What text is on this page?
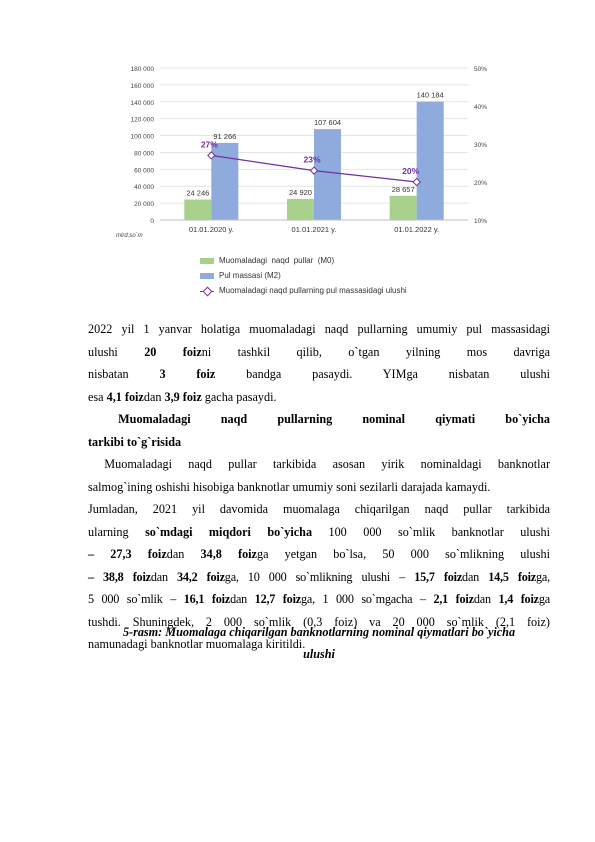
0
20 000
40 000
60 000
80 000
100 000
120 000
140 000
160 000
180 000
10%
20%
30%
40%
50%
mlrd.so`m
24 246
91 266
01.01.2020 y.
24 920
107 604
01.01.2021 y.
28 657
140 184
01.01.2022 y.
27%
23%
20%
Muomaladagi  naqd  pullar  (M0)
Pul massasi (M2)
Muomaladagi naqd pullarning pul massasidagi ulushi
2022 yil 1 yanvar holatiga muomaladagi naqd pullarning umumiy pul massasidagi
ulushi 20 foizni tashkil qilib, o`tgan yilning mos davriga
nisbatan 3 foiz bandga pasaydi. YIMga nisbatan ulushi
esa 4,1 foizdan 3,9 foiz gacha pasaydi.
Muomaladagi naqd pullarning nominal qiymati bo`yicha
tarkibi to`g`risida
Muomaladagi naqd pullar tarkibida asosan yirik nominaldagi banknotlar
salmog`ining oshishi hisobiga banknotlar umumiy soni sezilarli darajada kamaydi.
Jumladan, 2021 yil davomida muomalaga chiqarilgan naqd pullar tarkibida
ularning so`mdagi miqdori bo`yicha 100 000 so`mlik banknotlar ulushi
– 27,3 foizdan 34,8 foizga yetgan bo`lsa, 50 000 so`mlikning ulushi
– 38,8 foizdan 34,2 foizga, 10 000 so`mlikning ulushi – 15,7 foizdan 14,5 foizga,
5 000 so`mlik – 16,1 foizdan 12,7 foizga, 1 000 so`mgacha – 2,1 foizdan 1,4 foizga
tushdi. Shuningdek, 2 000 so`mlik (0,3 foiz) va 20 000 so`mlik (2,1 foiz)
namunadagi banknotlar muomalaga kiritildi.
5-rasm: Muomalaga chiqarilgan banknotlarning nominal qiymatlari bo`yicha
ulushi
